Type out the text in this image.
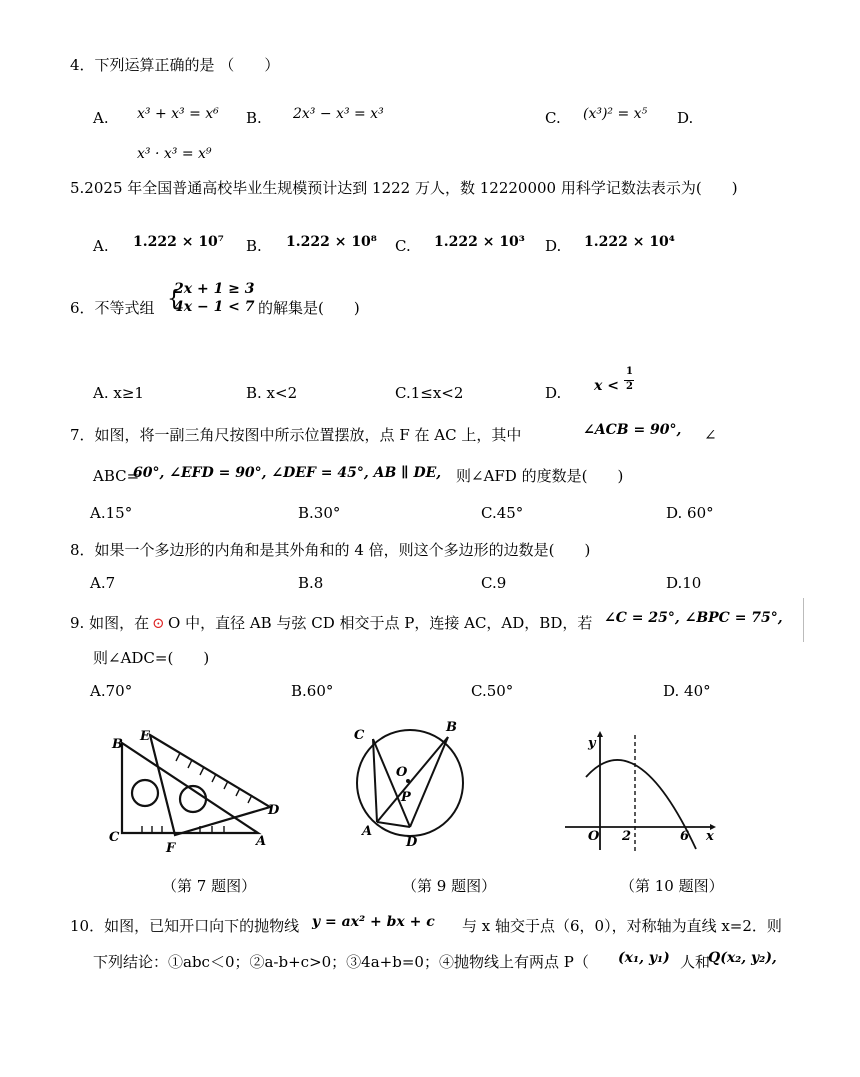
4．下列运算正确的是 （　　）
A. x³ + x³ = x⁶ B. 2x³ − x³ = x³	C. (x³)² = x⁵ D.
x³ · x³ = x⁹
5.2025 年全国普通高校毕业生规模预计达到 1222 万人，数 12220000 用科学记数法表示为(　　)
A. 1.222 × 10⁷ B. 1.222 × 10⁸ C. 1.222 × 10³ D. 1.222 × 10⁴
6．不等式组 {
2x + 1 ≥ 3
4x − 1 < 7 的解集是(　　)
A. x≥1	B. x<2	C.1≤x<2	D. x <
1
2
7．如图，将一副三角尺按图中所示位置摆放，点 F 在 AC 上，其中	∠ACB = 90°, ∠
ABC=
60°, ∠EFD = 90°, ∠DEF = 45°, AB ∥ DE, 则∠AFD 的度数是(　　)
A.15°	B.30°	C.45°	D. 60°
8．如果一个多边形的内角和是其外角和的 4 倍，则这个多边形的边数是(　　)
A.7	B.8	C.9	D.10
9. 如图，在 ⊙ O 中，直径 AB 与弦 CD 相交于点 P，连接 AC，AD，BD，若 ∠C = 25°, ∠BPC = 75°,
则∠ADC=(　　)
A.70°	B.60°	C.50°	D. 40°
B
E
C
F	A
D
（第 7 题图）
C
B
O
P
A
D
（第 9 题图）
y
x
O 2	6
（第 10 题图）
10．如图，已知开口向下的抛物线 y = ax² + bx + c 与 x 轴交于点（6，0），对称轴为直线 x=2．则
下列结论：①abc＜0；②a-b+c>0；③4a+b=0；④抛物线上有两点 P（ (x₁, y₁) 人和
Q(x₂, y₂),
